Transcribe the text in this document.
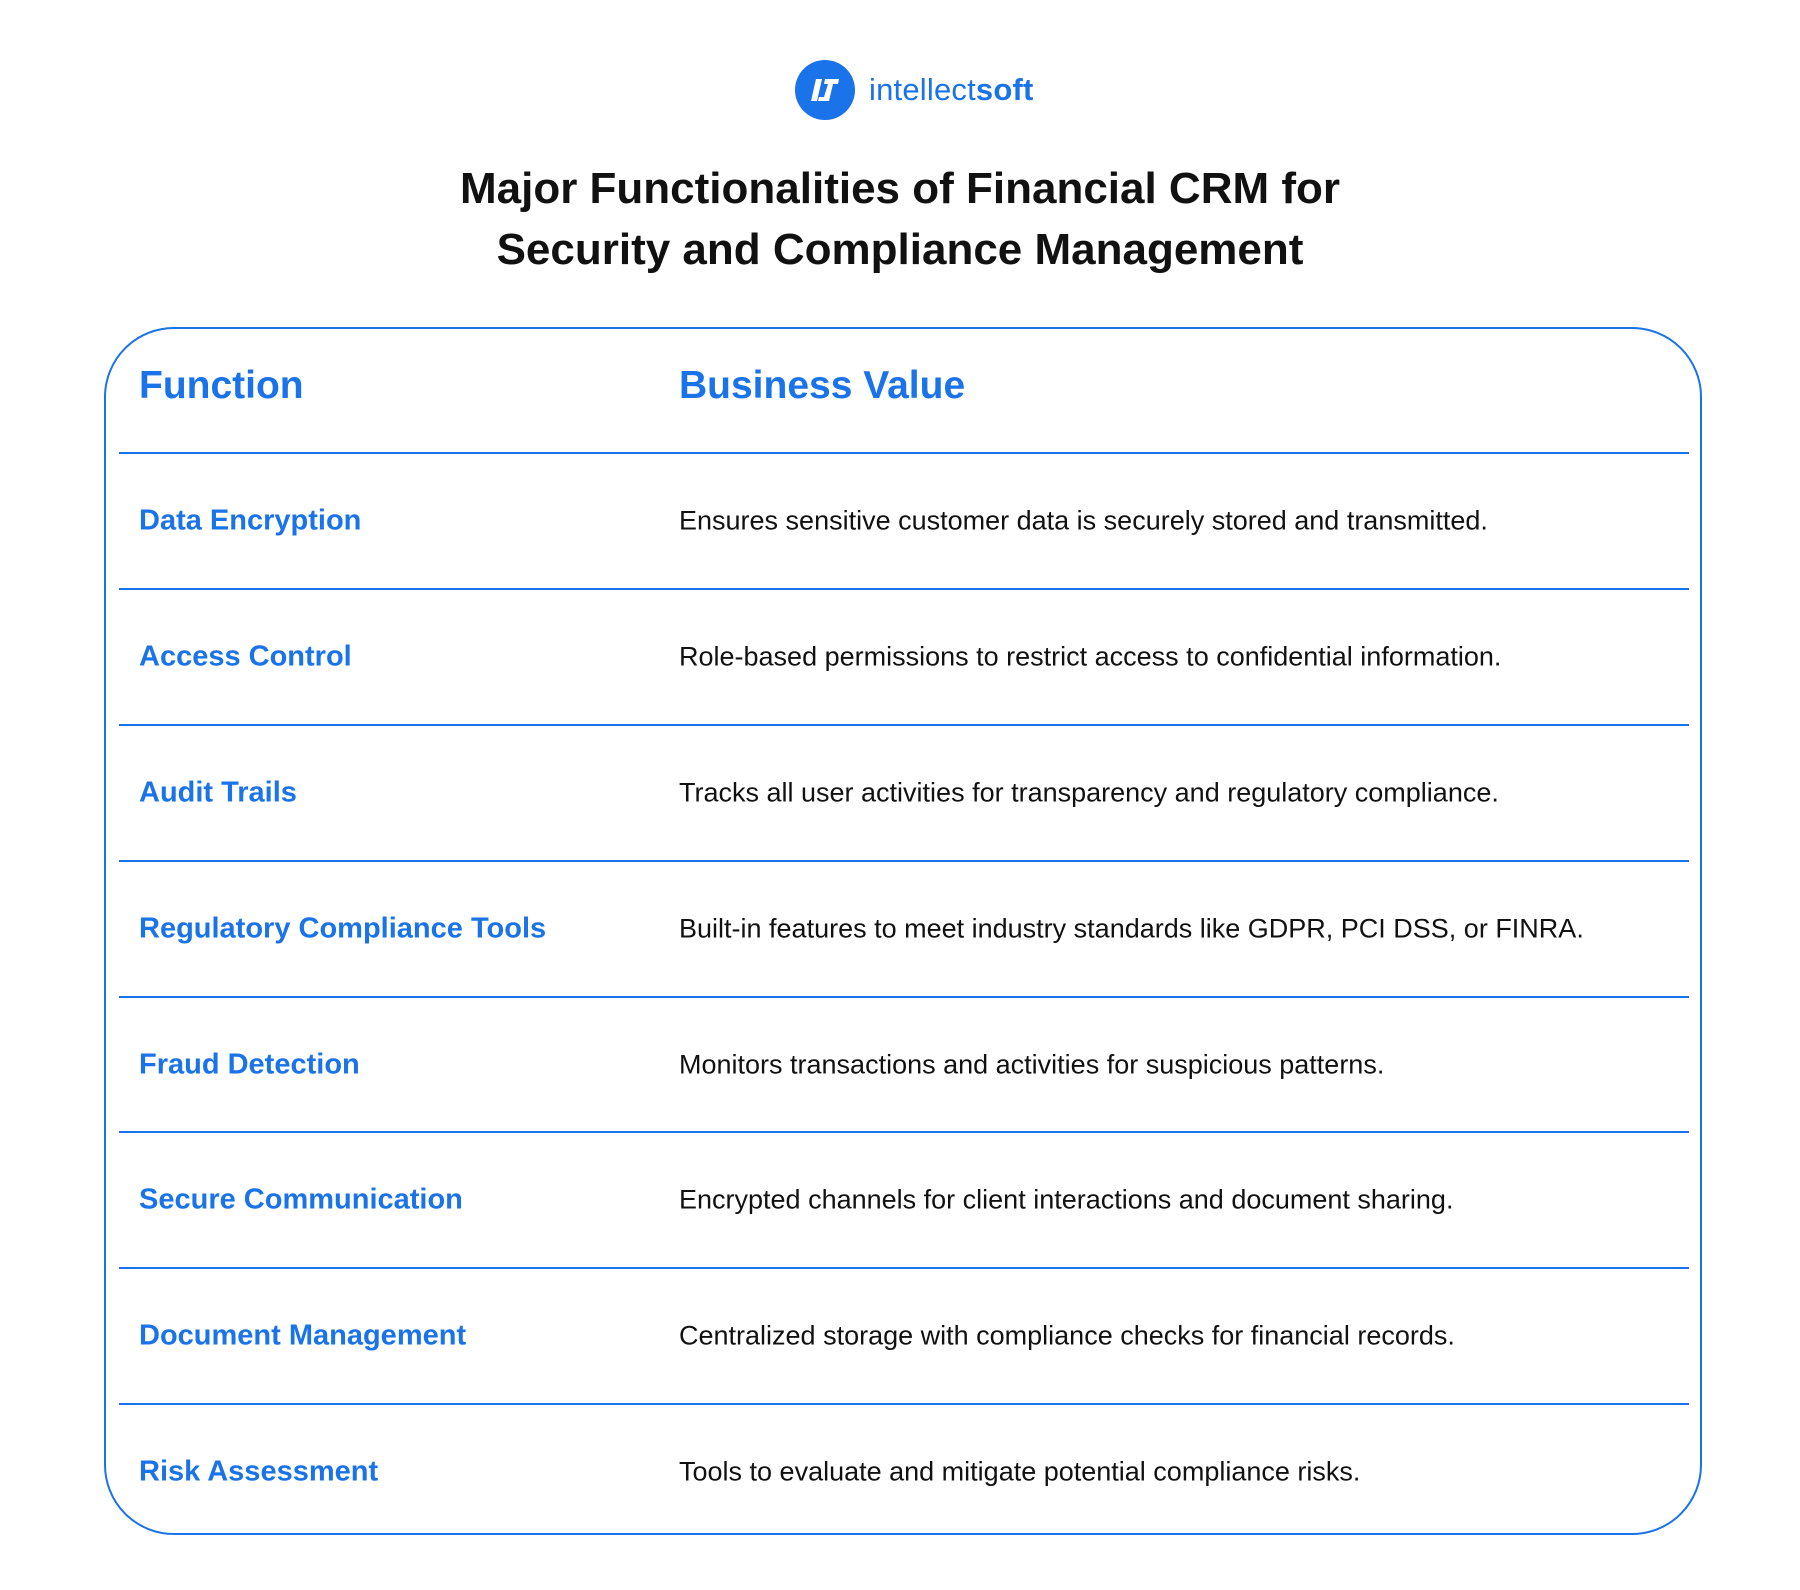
intellectsoft
Major Functionalities of Financial CRM for
Security and Compliance Management
Function	Business Value
Data Encryption	Ensures sensitive customer data is securely stored and transmitted.
Access Control	Role-based permissions to restrict access to confidential information.
Audit Trails	Tracks all user activities for transparency and regulatory compliance.
Regulatory Compliance Tools	Built-in features to meet industry standards like GDPR, PCI DSS, or FINRA.
Fraud Detection	Monitors transactions and activities for suspicious patterns.
Secure Communication	Encrypted channels for client interactions and document sharing.
Document Management	Centralized storage with compliance checks for financial records.
Risk Assessment	Tools to evaluate and mitigate potential compliance risks.
